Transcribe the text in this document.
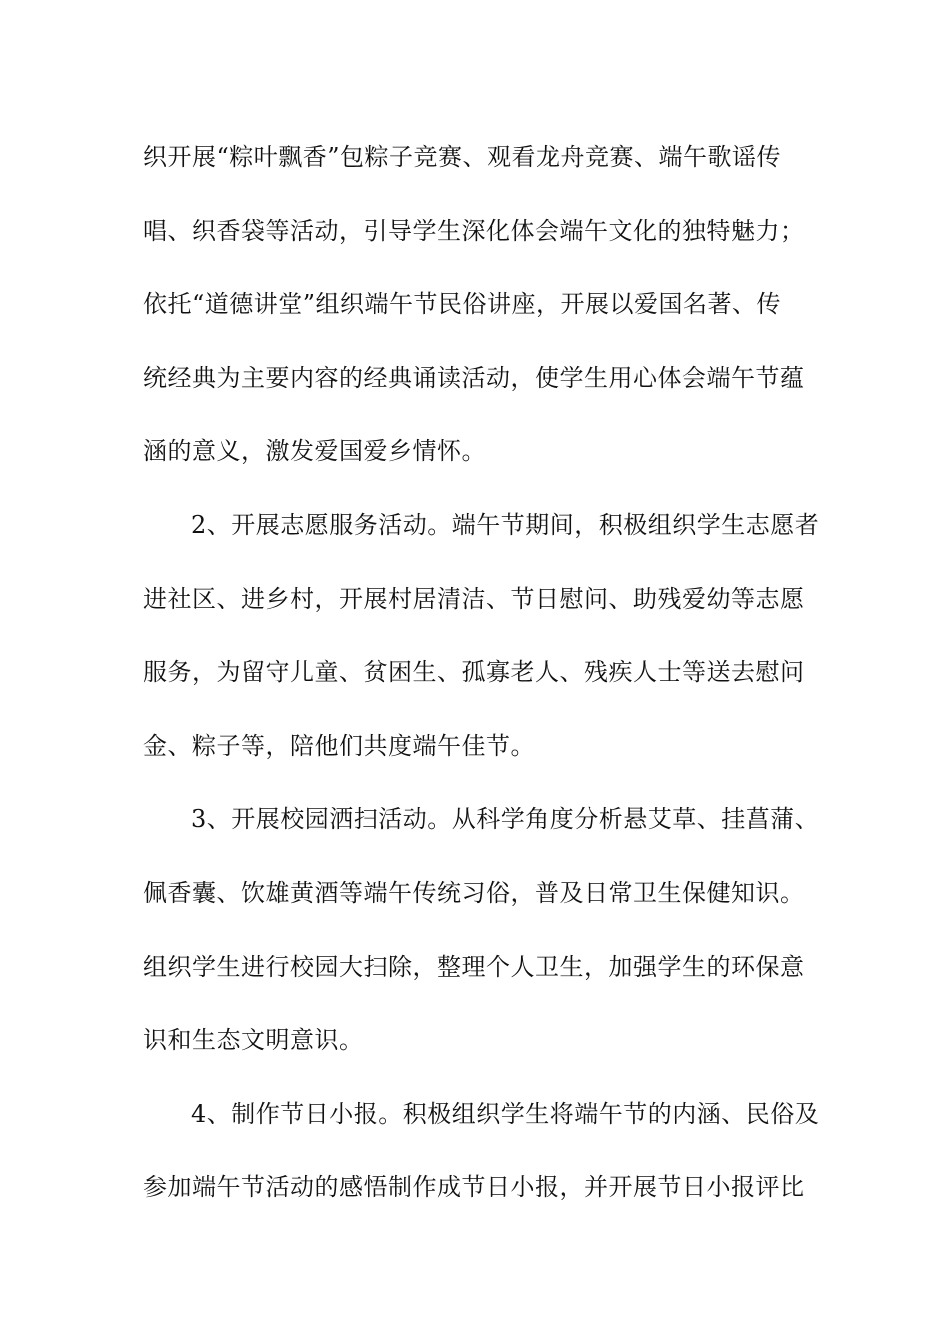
织开展“粽叶飘香”包粽子竞赛、观看龙舟竞赛、端午歌谣传
唱、织香袋等活动，引导学生深化体会端午文化的独特魅力；
依托“道德讲堂”组织端午节民俗讲座，开展以爱国名著、传
统经典为主要内容的经典诵读活动，使学生用心体会端午节蕴
涵的意义，激发爱国爱乡情怀。
2、开展志愿服务活动。端午节期间，积极组织学生志愿者
进社区、进乡村，开展村居清洁、节日慰问、助残爱幼等志愿
服务，为留守儿童、贫困生、孤寡老人、残疾人士等送去慰问
金、粽子等，陪他们共度端午佳节。
3、开展校园洒扫活动。从科学角度分析悬艾草、挂菖蒲、
佩香囊、饮雄黄酒等端午传统习俗，普及日常卫生保健知识。
组织学生进行校园大扫除，整理个人卫生，加强学生的环保意
识和生态文明意识。
4、制作节日小报。积极组织学生将端午节的内涵、民俗及
参加端午节活动的感悟制作成节日小报，并开展节日小报评比
